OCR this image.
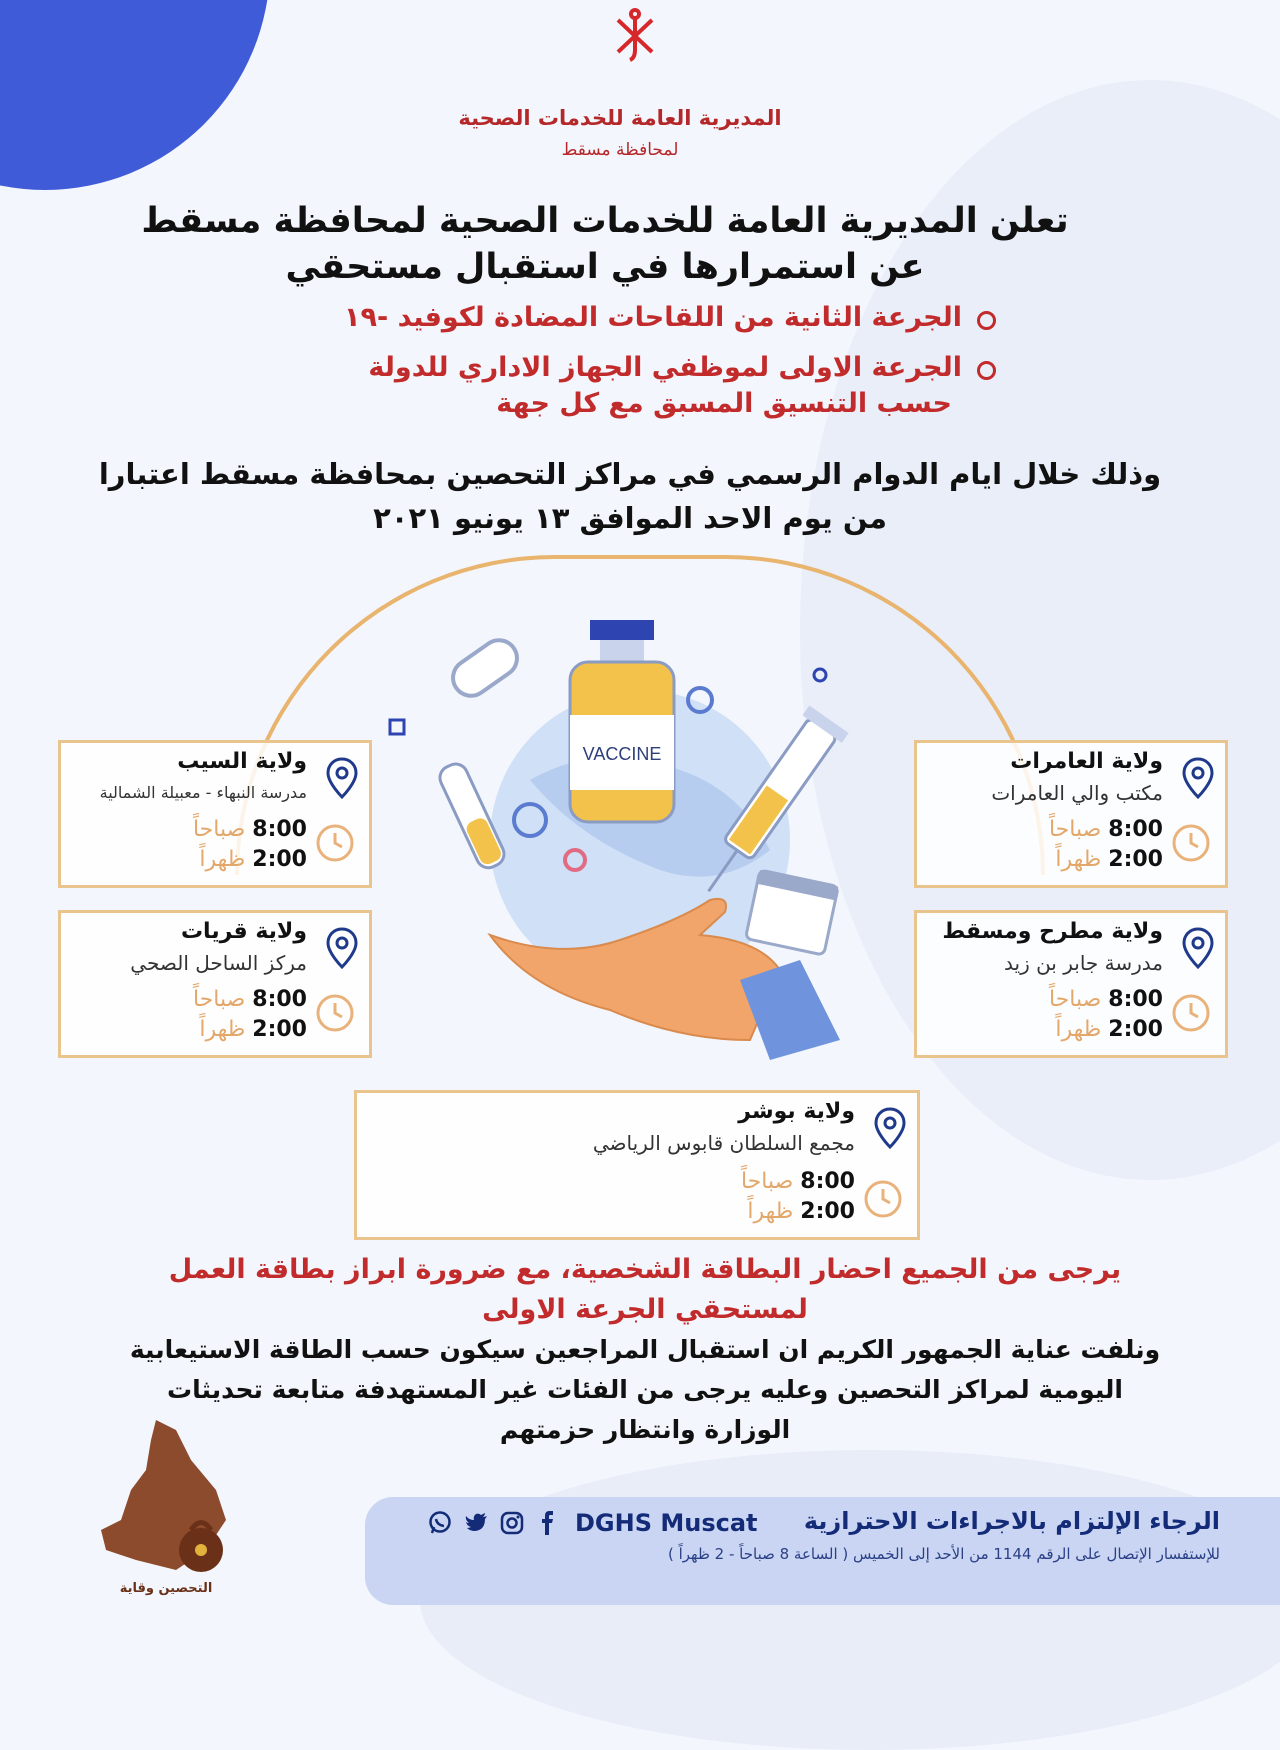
المديرية العامة للخدمات الصحية
لمحافظة مسقط
تعلن المديرية العامة للخدمات الصحية لمحافظة مسقط
عن استمرارها في استقبال مستحقي
الجرعة الثانية من اللقاحات المضادة لكوفيد -١٩
الجرعة الاولى لموظفي الجهاز الاداري للدولة
حسب التنسيق المسبق مع كل جهة
وذلك خلال ايام الدوام الرسمي في مراكز التحصين بمحافظة مسقط اعتبارا
من يوم الاحد الموافق ١٣ يونيو ٢٠٢١
VACCINE	ولاية العامرات
مكتب والي العامرات
8:00 صباحاً
2:00 ظهراً
ولاية السيب
مدرسة النبهاء - معبيلة الشمالية
8:00 صباحاً
2:00 ظهراً
ولاية مطرح ومسقط
مدرسة جابر بن زيد
8:00 صباحاً
2:00 ظهراً
ولاية قريات
مركز الساحل الصحي
8:00 صباحاً
2:00 ظهراً
ولاية بوشر
مجمع السلطان قابوس الرياضي
8:00 صباحاً
2:00 ظهراً
يرجى من الجميع احضار البطاقة الشخصية، مع ضرورة ابراز بطاقة العمل
لمستحقي الجرعة الاولى
ونلفت عناية الجمهور الكريم ان استقبال المراجعين سيكون حسب الطاقة الاستيعابية
اليومية لمراكز التحصين وعليه يرجى من الفئات غير المستهدفة متابعة تحديثات
الوزارة وانتظار حزمتهم
التحصين وقاية
الرجاء الإلتزام بالاجراءات الاحترازية
للإستفسار الإتصال على الرقم 1144 من الأحد إلى الخميس ( الساعة 8 صباحاً - 2 ظهراً )
DGHS Muscat
